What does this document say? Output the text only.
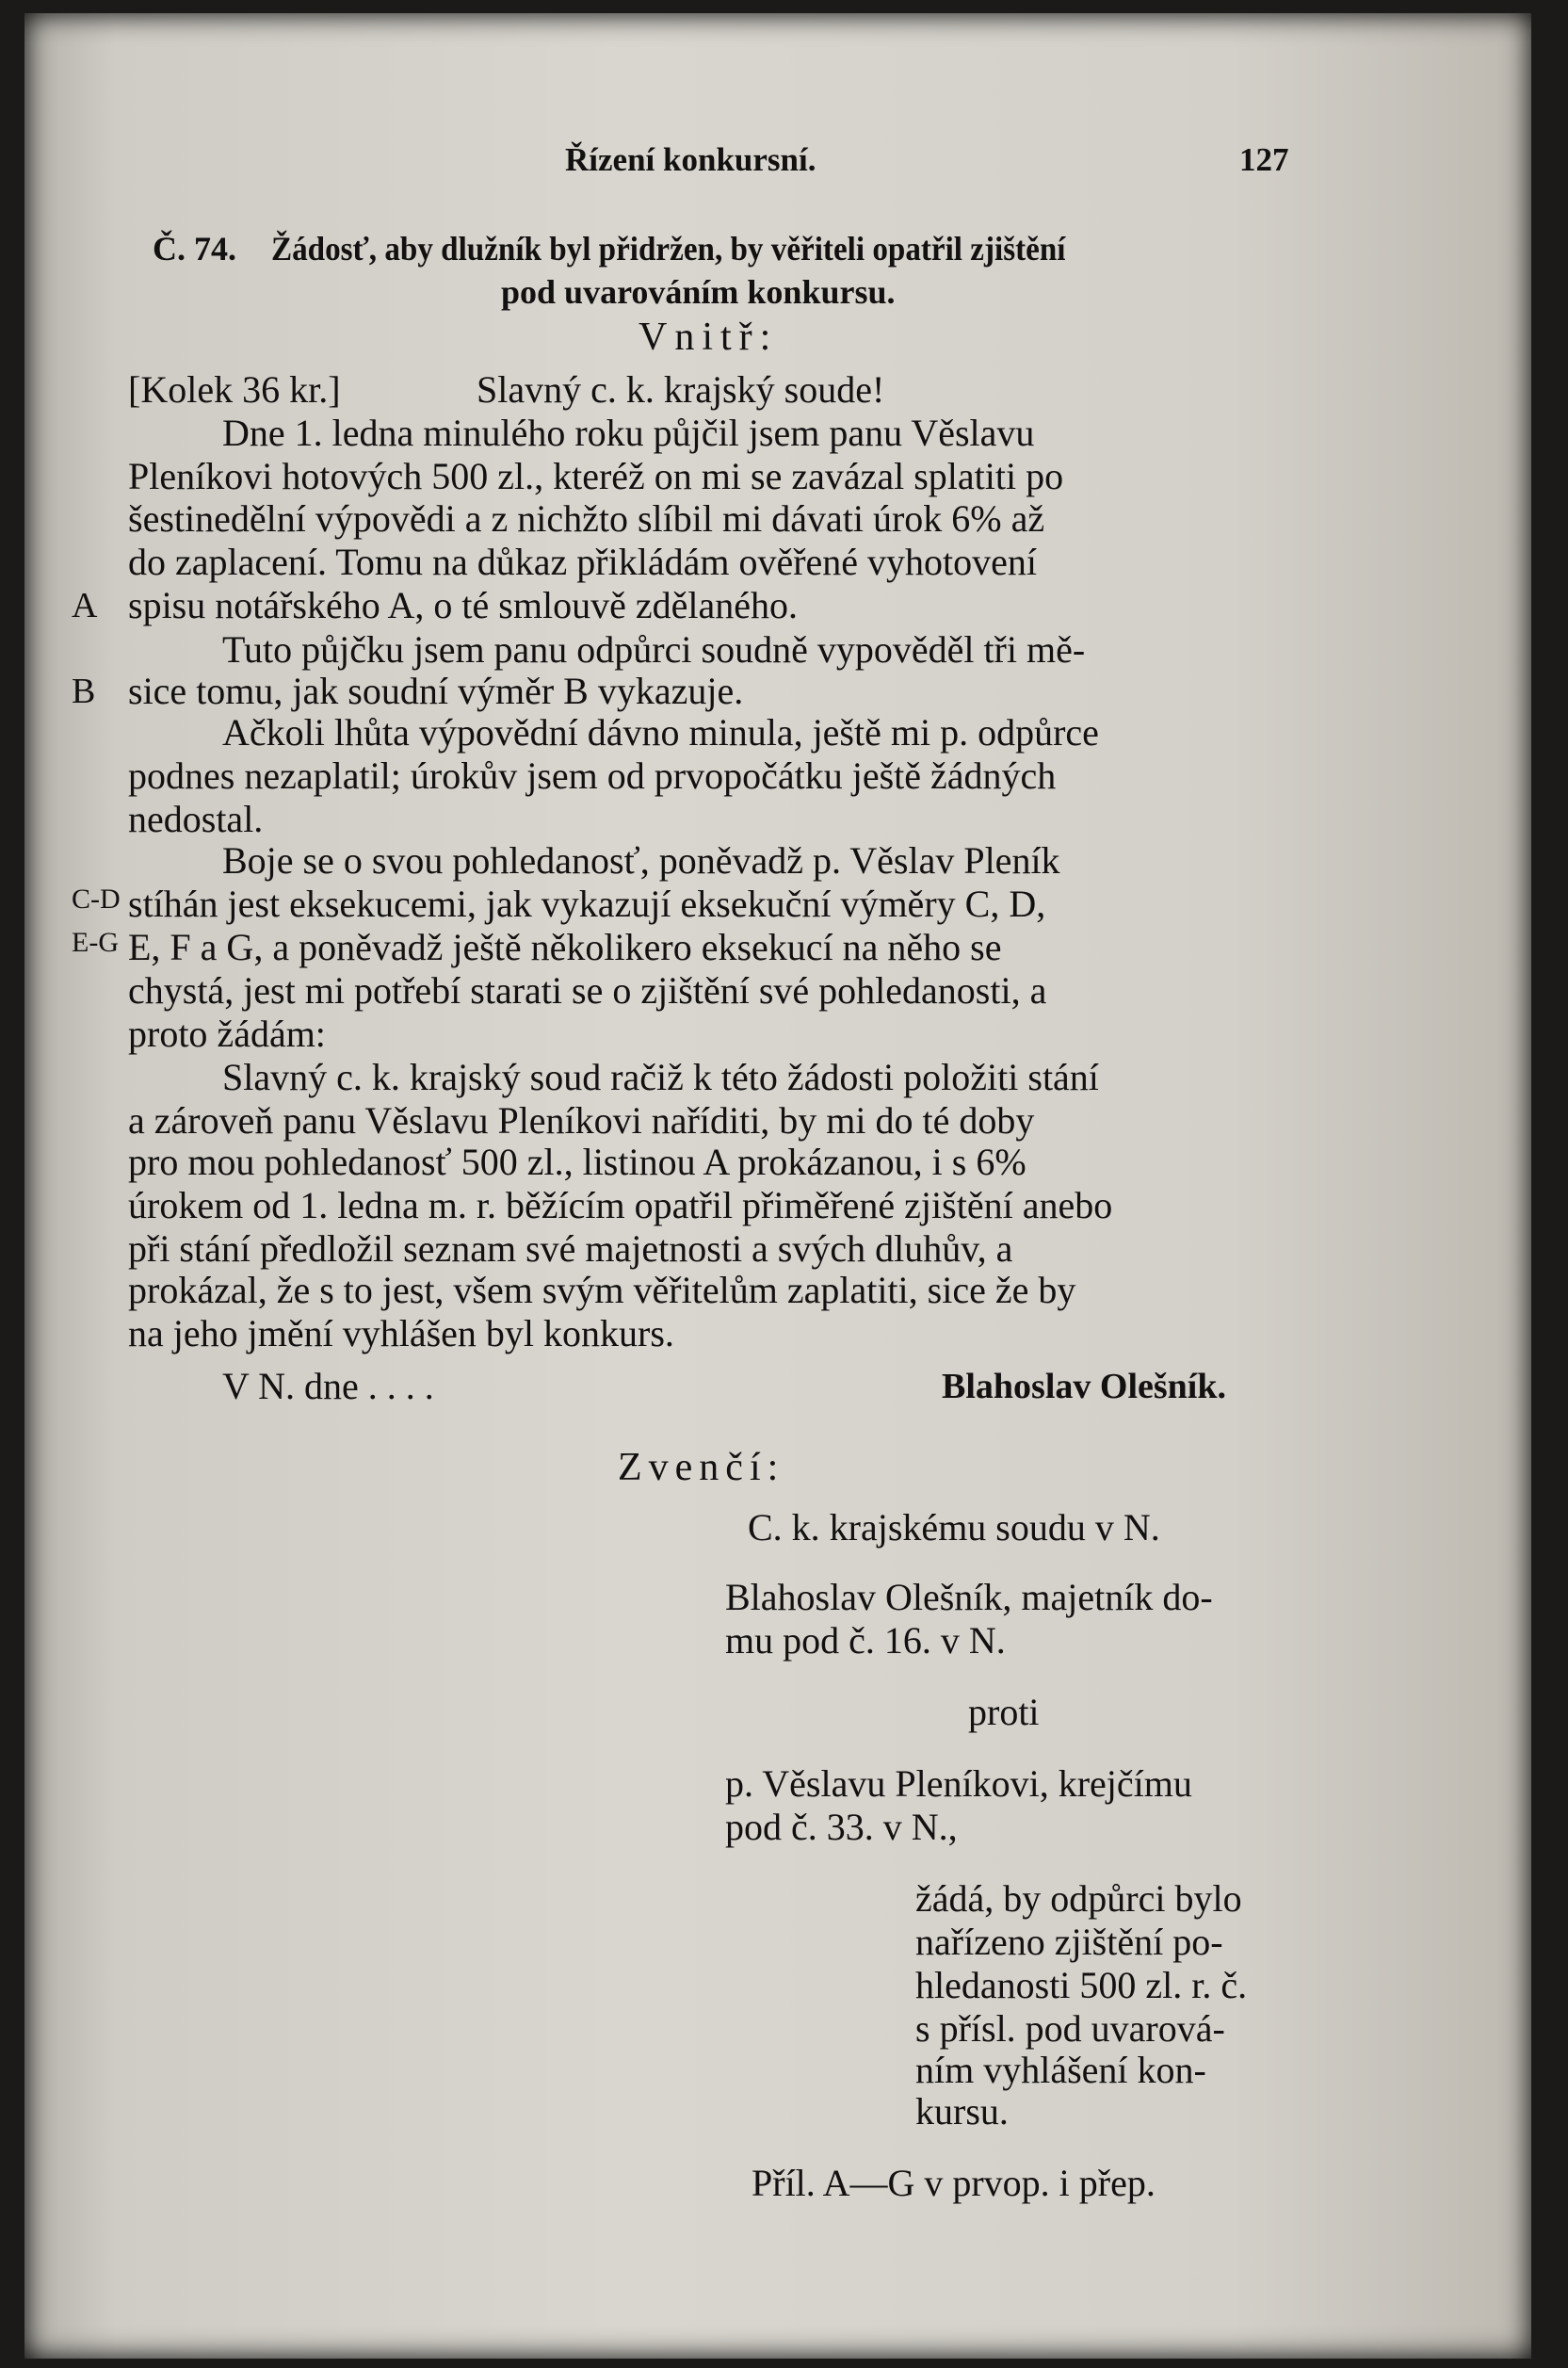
Řízení konkursní.	127
Č. 74. Žádosť, aby dlužník byl přidržen, by věřiteli opatřil zjištění
pod uvarováním konkursu.
Vnitř:
[Kolek 36 kr.]	Slavný c. k. krajský soude!
Dne 1. ledna minulého roku půjčil jsem panu Věslavu
Pleníkovi hotových 500 zl., kteréž on mi se zavázal splatiti po
šestinedělní výpovědi a z nichžto slíbil mi dávati úrok 6% až
do zaplacení. Tomu na důkaz přikládám ověřené vyhotovení
A spisu notářského A, o té smlouvě zdělaného.
Tuto půjčku jsem panu odpůrci soudně vypověděl tři mě-
B sice tomu, jak soudní výměr B vykazuje.
Ačkoli lhůta výpovědní dávno minula, ještě mi p. odpůrce
podnes nezaplatil; úrokův jsem od prvopočátku ještě žádných
nedostal.
Boje se o svou pohledanosť, poněvadž p. Věslav Pleník
C-D stíhán jest eksekucemi, jak vykazují eksekuční výměry C, D,
E-G E, F a G, a poněvadž ještě několikero eksekucí na něho se
chystá, jest mi potřebí starati se o zjištění své pohledanosti, a
proto žádám:
Slavný c. k. krajský soud račiž k této žádosti položiti stání
a zároveň panu Věslavu Pleníkovi naříditi, by mi do té doby
pro mou pohledanosť 500 zl., listinou A prokázanou, i s 6%
úrokem od 1. ledna m. r. běžícím opatřil přiměřené zjištění anebo
při stání předložil seznam své majetnosti a svých dluhův, a
prokázal, že s to jest, všem svým věřitelům zaplatiti, sice že by
na jeho jmění vyhlášen byl konkurs.
V N. dne . . . .	Blahoslav Olešník.
Zvenčí:
C. k. krajskému soudu v N.
Blahoslav Olešník, majetník do-
mu pod č. 16. v N.
proti
p. Věslavu Pleníkovi, krejčímu
pod č. 33. v N.,
žádá, by odpůrci bylo
nařízeno zjištění po-
hledanosti 500 zl. r. č.
s přísl. pod uvarová-
ním vyhlášení kon-
kursu.
Příl. A—G v prvop. i přep.
